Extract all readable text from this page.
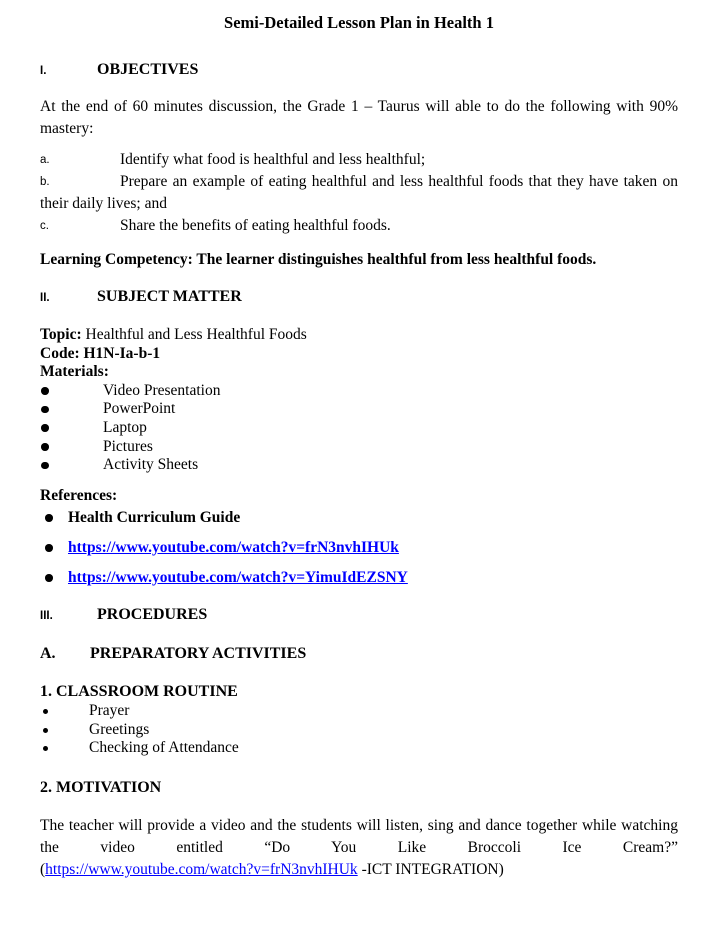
Semi-Detailed Lesson Plan in Health 1

I.	OBJECTIVES

At the end of 60 minutes discussion, the Grade 1 – Taurus will able to do the following with 90% mastery:

a.	Identify what food is healthful and less healthful;

b.	Prepare an example of eating healthful and less healthful foods that they have taken on their daily lives; and

c.	Share the benefits of eating healthful foods.

Learning Competency: The learner distinguishes healthful from less healthful foods.

II.	SUBJECT MATTER

Topic: Healthful and Less Healthful Foods

Code: H1N-Ia-b-1

Materials:

Video Presentation
PowerPoint
Laptop
Pictures
Activity Sheets

References:

Health Curriculum Guide
https://www.youtube.com/watch?v=frN3nvhIHUk
https://www.youtube.com/watch?v=YimuIdEZSNY

III.	PROCEDURES

A. PREPARATORY ACTIVITIES

1. CLASSROOM ROUTINE

Prayer
Greetings
Checking of Attendance

2. MOTIVATION

The teacher will provide a video and the students will listen, sing and dance together while watching the video entitled “Do You Like Broccoli Ice Cream?” (https://www.youtube.com/watch?v=frN3nvhIHUk -ICT INTEGRATION)
